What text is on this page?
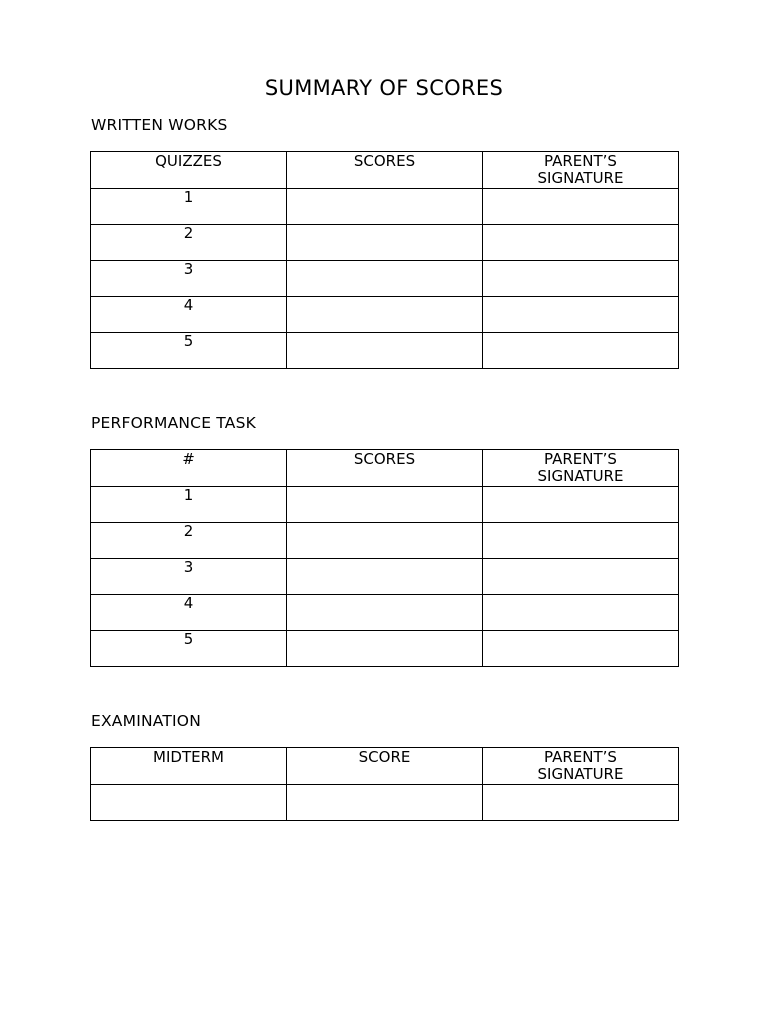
SUMMARY OF SCORES
WRITTEN WORKS
QUIZZES	SCORES	PARENT’S SIGNATURE
1		
2		
3		
4		
5		
PERFORMANCE TASK
#	SCORES	PARENT’S SIGNATURE
1		
2		
3		
4		
5		
EXAMINATION
MIDTERM	SCORE	PARENT’S SIGNATURE
